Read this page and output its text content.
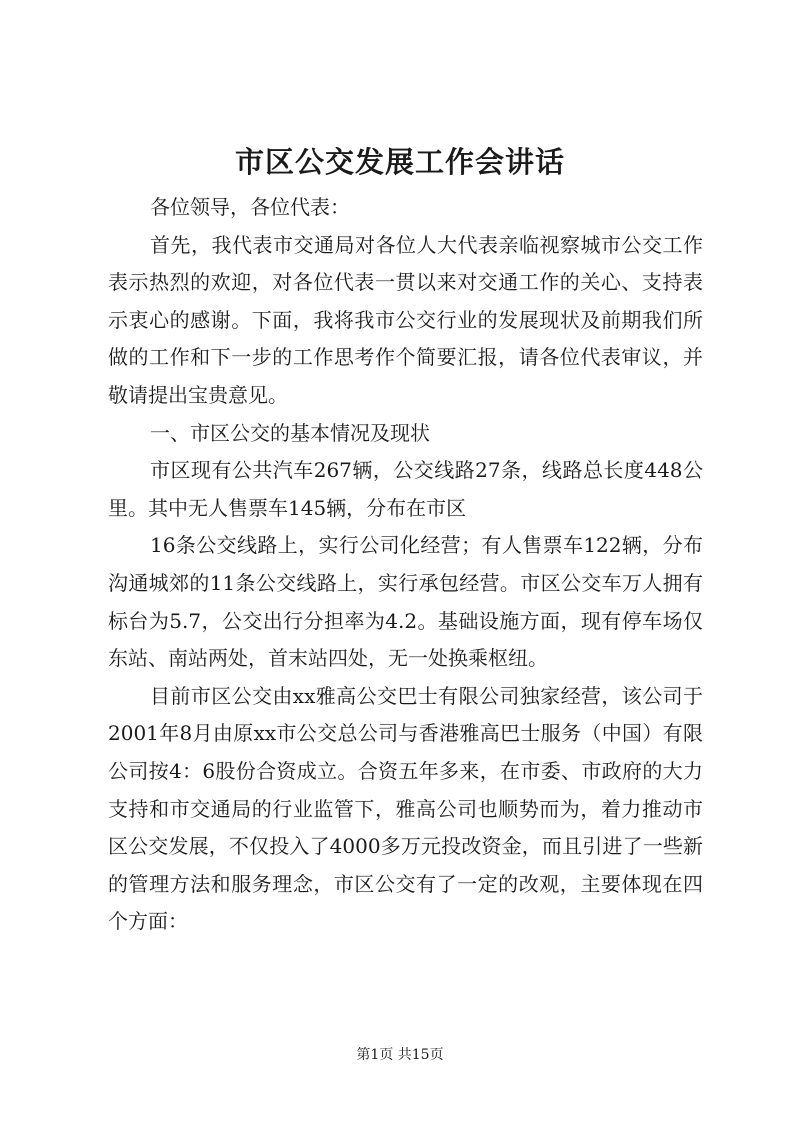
市区公交发展工作会讲话

各位领导，各位代表：

首先，我代表市交通局对各位人大代表亲临视察城市公交工作表示热烈的欢迎，对各位代表一贯以来对交通工作的关心、支持表示衷心的感谢。下面，我将我市公交行业的发展现状及前期我们所做的工作和下一步的工作思考作个简要汇报，请各位代表审议，并敬请提出宝贵意见。

一、市区公交的基本情况及现状

市区现有公共汽车267辆，公交线路27条，线路总长度448公里。其中无人售票车145辆，分布在市区

16条公交线路上，实行公司化经营；有人售票车122辆，分布沟通城郊的11条公交线路上，实行承包经营。市区公交车万人拥有标台为5.7，公交出行分担率为4.2。基础设施方面，现有停车场仅东站、南站两处，首末站四处，无一处换乘枢纽。

目前市区公交由xx雅高公交巴士有限公司独家经营，该公司于2001年8月由原xx市公交总公司与香港雅高巴士服务（中国）有限公司按4：6股份合资成立。合资五年多来，在市委、市政府的大力支持和市交通局的行业监管下，雅高公司也顺势而为，着力推动市区公交发展，不仅投入了4000多万元投改资金，而且引进了一些新的管理方法和服务理念，市区公交有了一定的改观，主要体现在四个方面：

第1页 共15页
